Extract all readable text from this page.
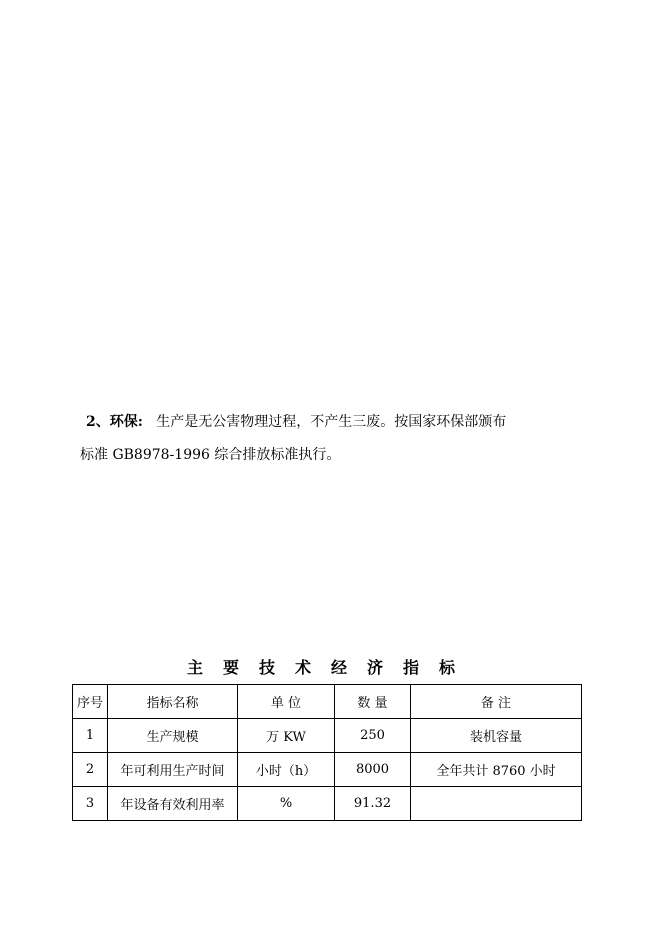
2、环保: 生产是无公害物理过程，不产生三废。按国家环保部颁布
标准 GB8978-1996 综合排放标准执行。
主要技术经济指标
序号	指标名称	单 位	数 量	备 注
1	生产规模	万 KW	250	装机容量
2	年可利用生产时间	小时（h）	8000	全年共计 8760 小时
3	年设备有效利用率	%	91.32	
